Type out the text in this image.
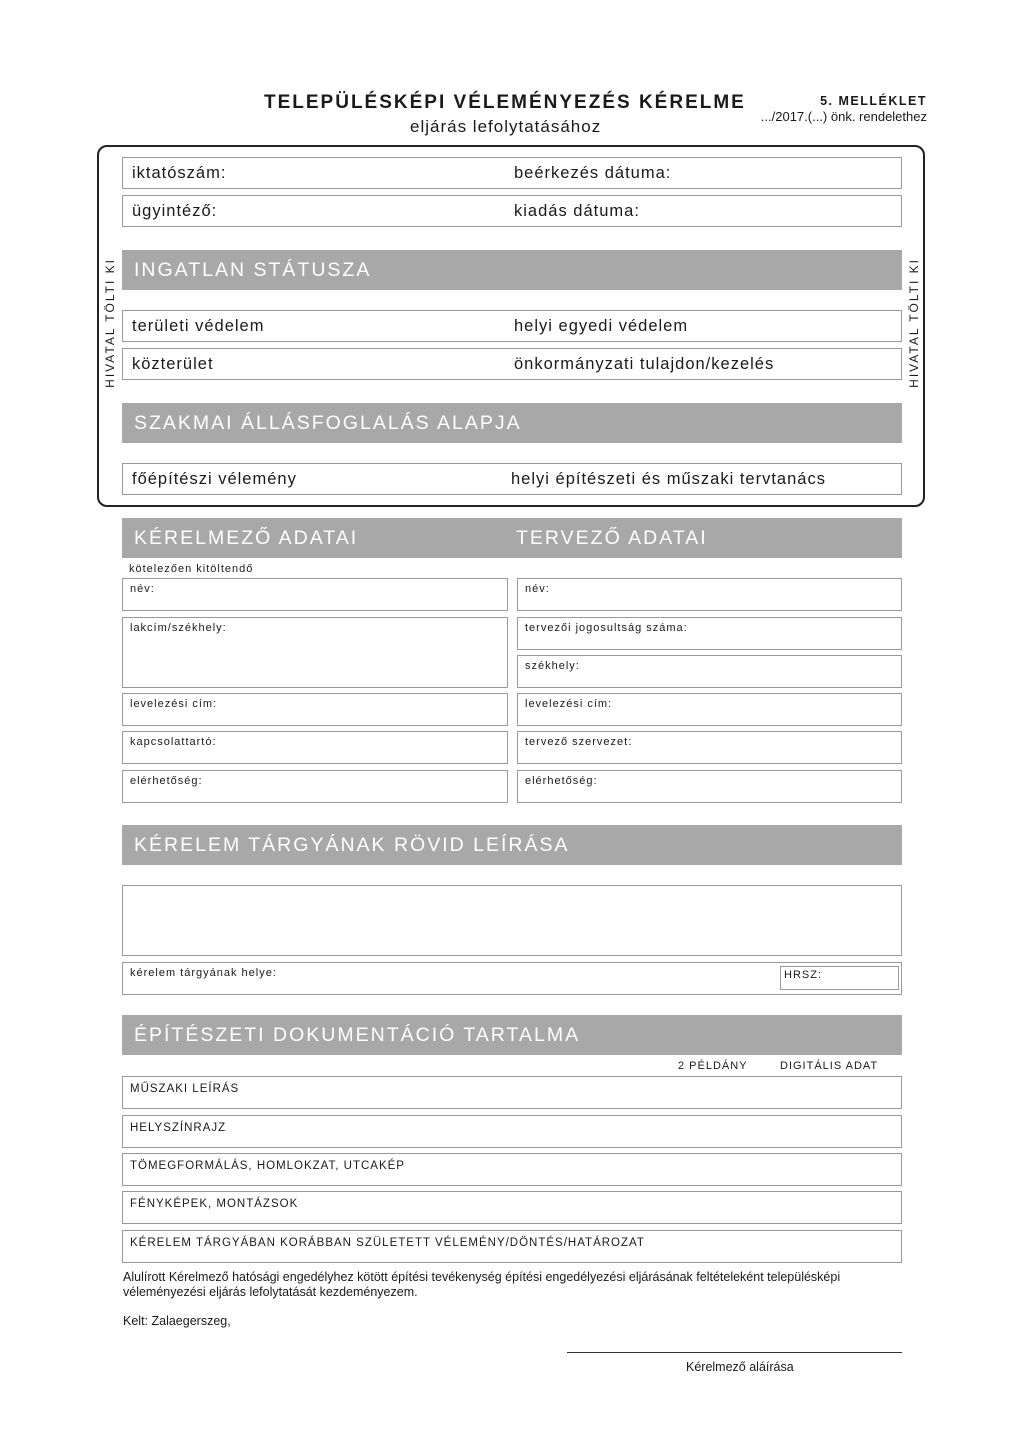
TELEPÜLÉSKÉPI VÉLEMÉNYEZÉS KÉRELME
eljárás lefolytatásához
5. MELLÉKLET
.../2017.(...) önk. rendelethez
HIVATAL TÖLTI KI	HIVATAL TÖLTI KI
iktatószám:	beérkezés dátuma:
ügyintéző:	kiadás dátuma:
INGATLAN STÁTUSZA
területi védelem	helyi egyedi védelem
közterület	önkormányzati tulajdon/kezelés
SZAKMAI ÁLLÁSFOGLALÁS ALAPJA
főépítészi vélemény	helyi építészeti és műszaki tervtanács
KÉRELMEZŐ ADATAI	TERVEZŐ ADATAI
kötelezően kitöltendő
név:
lakcím/székhely:
levelezési cím:
kapcsolattartó:
elérhetőség:
név:
tervezői jogosultság száma:
székhely:
levelezési cím:
tervező szervezet:
elérhetőség:
KÉRELEM TÁRGYÁNAK RÖVID LEÍRÁSA
kérelem tárgyának helye:	HRSZ:
ÉPÍTÉSZETI DOKUMENTÁCIÓ TARTALMA
2 PÉLDÁNY	DIGITÁLIS ADAT
MŰSZAKI LEÍRÁS
HELYSZÍNRAJZ
TÖMEGFORMÁLÁS, HOMLOKZAT, UTCAKÉP
FÉNYKÉPEK, MONTÁZSOK
KÉRELEM TÁRGYÁBAN KORÁBBAN SZÜLETETT VÉLEMÉNY/DÖNTÉS/HATÁROZAT
Alulírott Kérelmező hatósági engedélyhez kötött építési tevékenység építési engedélyezési eljárásának feltételeként településképi véleményezési eljárás lefolytatását kezdeményezem.
Kelt: Zalaegerszeg,
Kérelmező aláírása
